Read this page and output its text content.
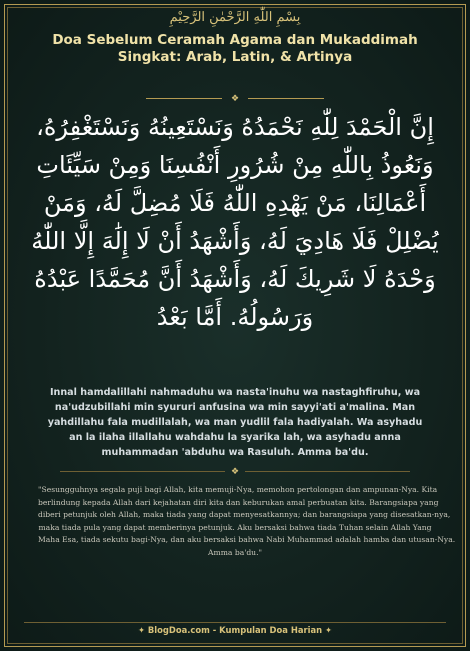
بِسْمِ اللّٰهِ الرَّحْمٰنِ الرَّحِيْمِ
Doa Sebelum Ceramah Agama dan Mukaddimah
Singkat: Arab, Latin, & Artinya
❖
إِنَّ الْحَمْدَ لِلّٰهِ نَحْمَدُهُ وَنَسْتَعِينُهُ وَنَسْتَغْفِرُهُ،
وَنَعُوذُ بِاللّٰهِ مِنْ شُرُورِ أَنْفُسِنَا وَمِنْ سَيِّئَاتِ
أَعْمَالِنَا، مَنْ يَهْدِهِ اللّٰهُ فَلَا مُضِلَّ لَهُ، وَمَنْ
يُضْلِلْ فَلَا هَادِيَ لَهُ، وَأَشْهَدُ أَنْ لَا إِلَٰهَ إِلَّا اللّٰهُ
وَحْدَهُ لَا شَرِيكَ لَهُ، وَأَشْهَدُ أَنَّ مُحَمَّدًا عَبْدُهُ
وَرَسُولُهُ. أَمَّا بَعْدُ
Innal hamdalillahi nahmaduhu wa nasta'inuhu wa nastaghfiruhu, wa
na'udzubillahi min syururi anfusina wa min sayyi'ati a'malina. Man
yahdillahu fala mudillalah, wa man yudlil fala hadiyalah. Wa asyhadu
an la ilaha illallahu wahdahu la syarika lah, wa asyhadu anna
muhammadan 'abduhu wa Rasuluh. Amma ba'du.
❖
"Sesungguhnya segala puji bagi Allah, kita memuji-Nya, memohon pertolongan dan ampunan-Nya. Kita
berlindung kepada Allah dari kejahatan diri kita dan keburukan amal perbuatan kita. Barangsiapa yang
diberi petunjuk oleh Allah, maka tiada yang dapat menyesatkannya; dan barangsiapa yang disesatkan-nya,
maka tiada pula yang dapat memberinya petunjuk. Aku bersaksi bahwa tiada Tuhan selain Allah Yang
Maha Esa, tiada sekutu bagi-Nya, dan aku bersaksi bahwa Nabi Muhammad adalah hamba dan utusan-Nya.
Amma ba'du."
✦ BlogDoa.com - Kumpulan Doa Harian ✦
